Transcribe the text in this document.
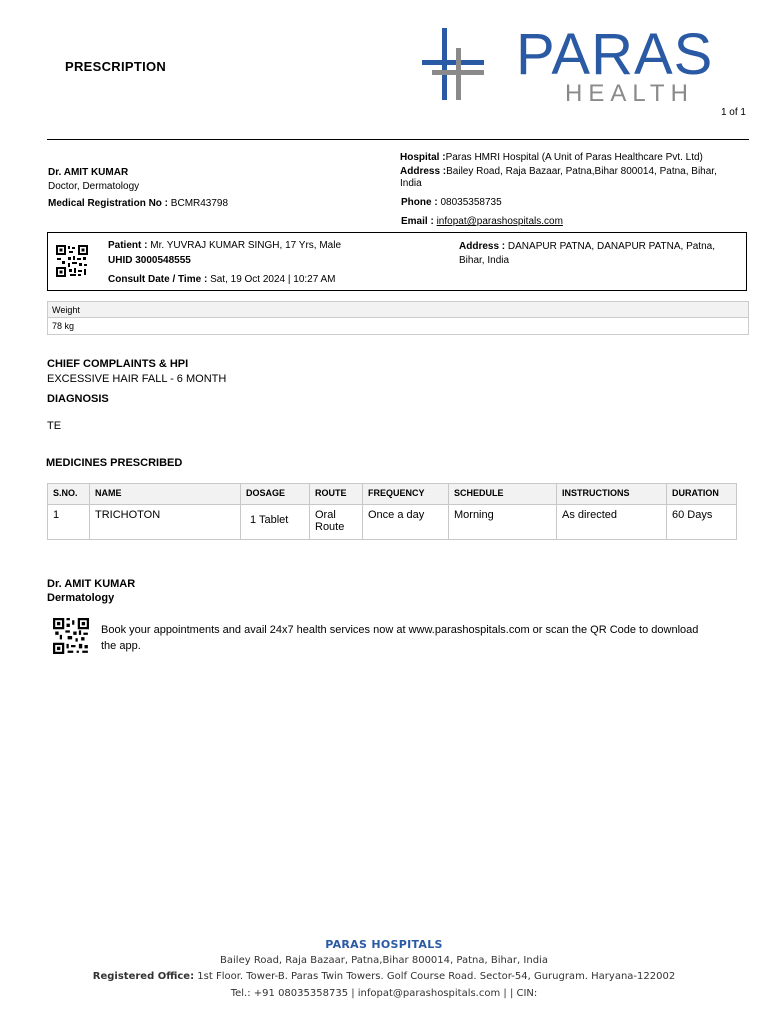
PRESCRIPTION	PARAS
HEALTH
1 of 1
Dr. AMIT KUMAR
Doctor, Dermatology
Medical Registration No : BCMR43798
Hospital :Paras HMRI Hospital (A Unit of Paras Healthcare Pvt. Ltd)
Address :Bailey Road, Raja Bazaar, Patna,Bihar 800014, Patna, Bihar,
India
Phone : 08035358735
Email : infopat@parashospitals.com
Patient : Mr. YUVRAJ KUMAR SINGH, 17 Yrs, Male
UHID 3000548555
Consult Date / Time : Sat, 19 Oct 2024 | 10:27 AM
Address : DANAPUR PATNA, DANAPUR PATNA, Patna,
Bihar, India
Weight
78 kg
CHIEF COMPLAINTS & HPI
EXCESSIVE HAIR FALL - 6 MONTH
DIAGNOSIS
TE
MEDICINES PRESCRIBED
S.NO.	NAME	DOSAGE	ROUTE	FREQUENCY	SCHEDULE	INSTRUCTIONS	DURATION
1	TRICHOTON	1 Tablet	Oral Route	Once a day	Morning	As directed	60 Days
Dr. AMIT KUMAR
Dermatology
Book your appointments and avail 24x7 health services now at www.parashospitals.com or scan the QR Code to download
the app.
PARAS HOSPITALS
Bailey Road, Raja Bazaar, Patna,Bihar 800014, Patna, Bihar, India
Registered Office: 1st Floor. Tower-B. Paras Twin Towers. Golf Course Road. Sector-54, Gurugram. Haryana-122002
Tel.: +91 08035358735 | infopat@parashospitals.com | | CIN:
